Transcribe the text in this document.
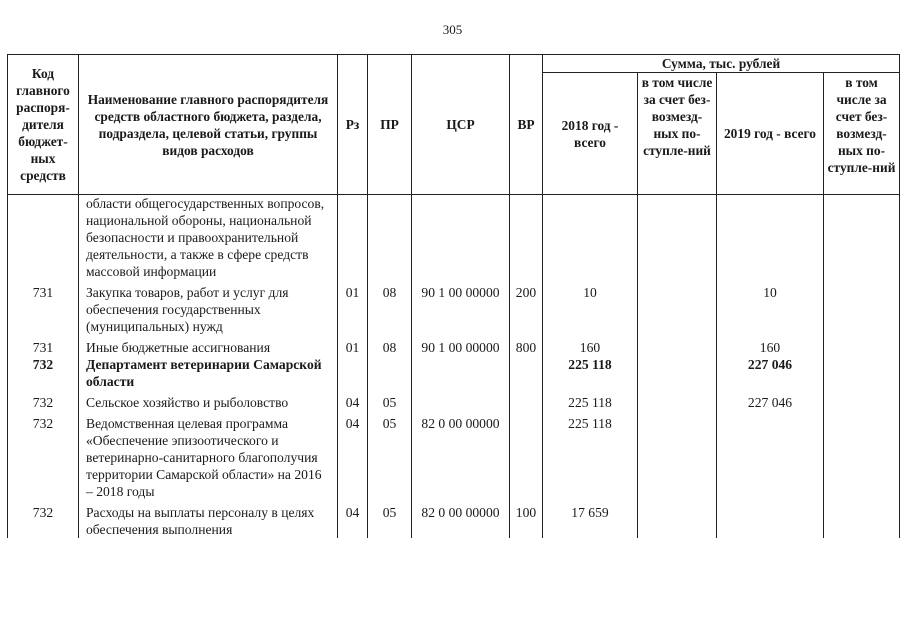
305
Код главного распоря-дителя бюджет-ных средств	Наименование главного распорядителя средств областного бюджета, раздела, подраздела, целевой статьи, группы видов расходов	Рз	ПР	ЦСР	ВР	Сумма, тыс. рублей			
						2018 год - всего	в том числе за счет без-возмезд-ных по-ступле-ний	2019 год - всего	в том числе за счет без-возмезд-ных по-ступле-ний
	области общегосударственных вопросов, национальной обороны, национальной безопасности и правоохранительной деятельности, а также в сфере средств массовой информации								
731	Закупка товаров, работ и услуг для обеспечения государственных (муниципальных) нужд	01	08	90 1 00 00000	200	10		10	
731	Иные бюджетные ассигнования	01	08	90 1 00 00000	800	160		160	
732	Департамент ветеринарии Самарской области					225 118		227 046	
732	Сельское хозяйство и рыболовство	04	05			225 118		227 046	
732	Ведомственная целевая программа «Обеспечение эпизоотического и ветеринарно-санитарного благополучия территории Самарской области» на 2016 – 2018 годы	04	05	82 0 00 00000		225 118			
732	Расходы на выплаты персоналу в целях обеспечения выполнения	04	05	82 0 00 00000	100	17 659			
